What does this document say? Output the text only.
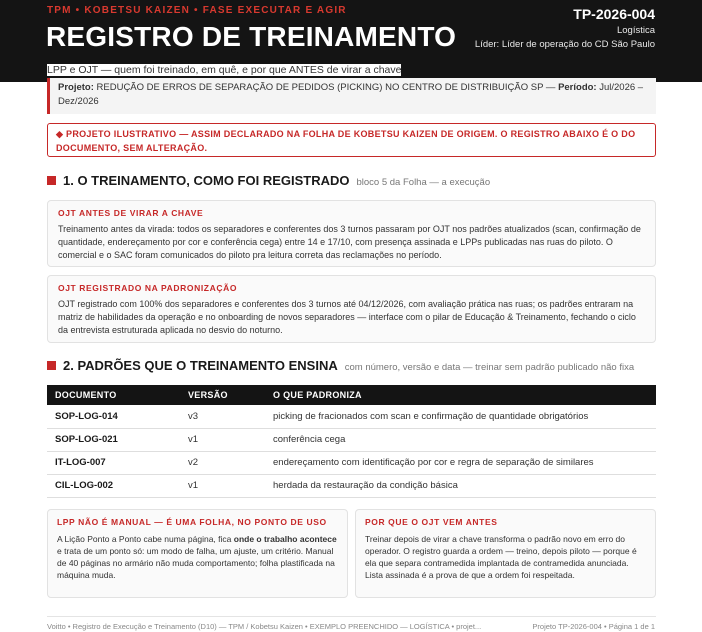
TPM • KOBETSU KAIZEN • FASE EXECUTAR E AGIR
REGISTRO DE TREINAMENTO
TP-2026-004
Logística
Líder: Líder de operação do CD São Paulo
LPP e OJT — quem foi treinado, em quê, e por que ANTES de virar a chave
Projeto: REDUÇÃO DE ERROS DE SEPARAÇÃO DE PEDIDOS (PICKING) NO CENTRO DE DISTRIBUIÇÃO SP — Período: Jul/2026 – Dez/2026
◆ PROJETO ILUSTRATIVO — ASSIM DECLARADO NA FOLHA DE KOBETSU KAIZEN DE ORIGEM. O REGISTRO ABAIXO É O DO DOCUMENTO, SEM ALTERAÇÃO.
1. O TREINAMENTO, COMO FOI REGISTRADO bloco 5 da Folha — a execução
OJT ANTES DE VIRAR A CHAVE
Treinamento antes da virada: todos os separadores e conferentes dos 3 turnos passaram por OJT nos padrões atualizados (scan, confirmação de quantidade, endereçamento por cor e conferência cega) entre 14 e 17/10, com presença assinada e LPPs publicadas nas ruas do piloto. O comercial e o SAC foram comunicados do piloto pra leitura correta das reclamações no período.
OJT REGISTRADO NA PADRONIZAÇÃO
OJT registrado com 100% dos separadores e conferentes dos 3 turnos até 04/12/2026, com avaliação prática nas ruas; os padrões entraram na matriz de habilidades da operação e no onboarding de novos separadores — interface com o pilar de Educação & Treinamento, fechando o ciclo da entrevista estruturada aplicada no desvio do noturno.
2. PADRÕES QUE O TREINAMENTO ENSINA com número, versão e data — treinar sem padrão publicado não fixa
DOCUMENTO	VERSÃO	O QUE PADRONIZA
SOP-LOG-014	v3	picking de fracionados com scan e confirmação de quantidade obrigatórios
SOP-LOG-021	v1	conferência cega
IT-LOG-007	v2	endereçamento com identificação por cor e regra de separação de similares
CIL-LOG-002	v1	herdada da restauração da condição básica
LPP NÃO É MANUAL — É UMA FOLHA, NO PONTO DE USO
A Lição Ponto a Ponto cabe numa página, fica onde o trabalho acontece e trata de um ponto só: um modo de falha, um ajuste, um critério. Manual de 40 páginas no armário não muda comportamento; folha plastificada na máquina muda.
POR QUE O OJT VEM ANTES
Treinar depois de virar a chave transforma o padrão novo em erro do operador. O registro guarda a ordem — treino, depois piloto — porque é ela que separa contramedida implantada de contramedida anunciada. Lista assinada é a prova de que a ordem foi respeitada.
Voitto • Registro de Execução e Treinamento (D10) — TPM / Kobetsu Kaizen • EXEMPLO PREENCHIDO — LOGÍSTICA • projet...	Projeto TP-2026-004 • Página 1 de 1
